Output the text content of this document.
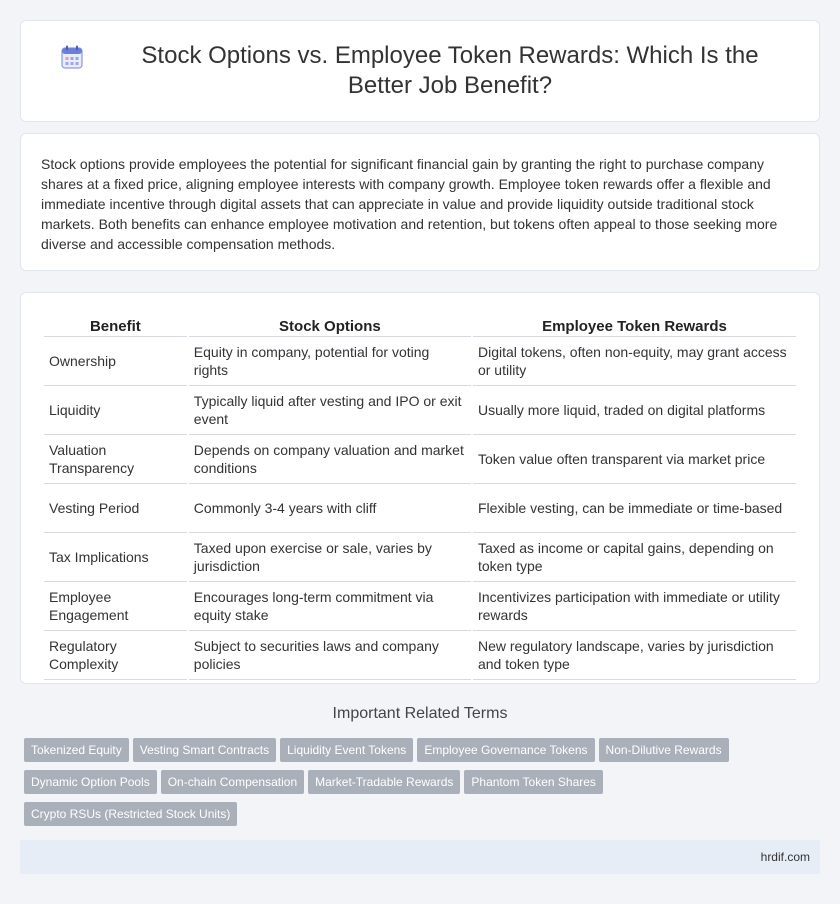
Stock Options vs. Employee Token Rewards: Which Is the Better Job Benefit?

Stock options provide employees the potential for significant financial gain by granting the right to purchase company shares at a fixed price, aligning employee interests with company growth. Employee token rewards offer a flexible and immediate incentive through digital assets that can appreciate in value and provide liquidity outside traditional stock markets. Both benefits can enhance employee motivation and retention, but tokens often appeal to those seeking more diverse and accessible compensation methods.

Benefit	Stock Options	Employee Token Rewards
Ownership	Equity in company, potential for voting rights	Digital tokens, often non-equity, may grant access or utility
Liquidity	Typically liquid after vesting and IPO or exit event	Usually more liquid, traded on digital platforms
Valuation Transparency	Depends on company valuation and market conditions	Token value often transparent via market price
Vesting Period	Commonly 3-4 years with cliff	Flexible vesting, can be immediate or time-based
Tax Implications	Taxed upon exercise or sale, varies by jurisdiction	Taxed as income or capital gains, depending on token type
Employee Engagement	Encourages long-term commitment via equity stake	Incentivizes participation with immediate or utility rewards
Regulatory Complexity	Subject to securities laws and company policies	New regulatory landscape, varies by jurisdiction and token type
Important Related Terms
Tokenized Equity Vesting Smart Contracts Liquidity Event Tokens Employee Governance Tokens Non-Dilutive Rewards
Dynamic Option Pools On-chain Compensation Market-Tradable Rewards Phantom Token Shares
Crypto RSUs (Restricted Stock Units)
hrdif.com
